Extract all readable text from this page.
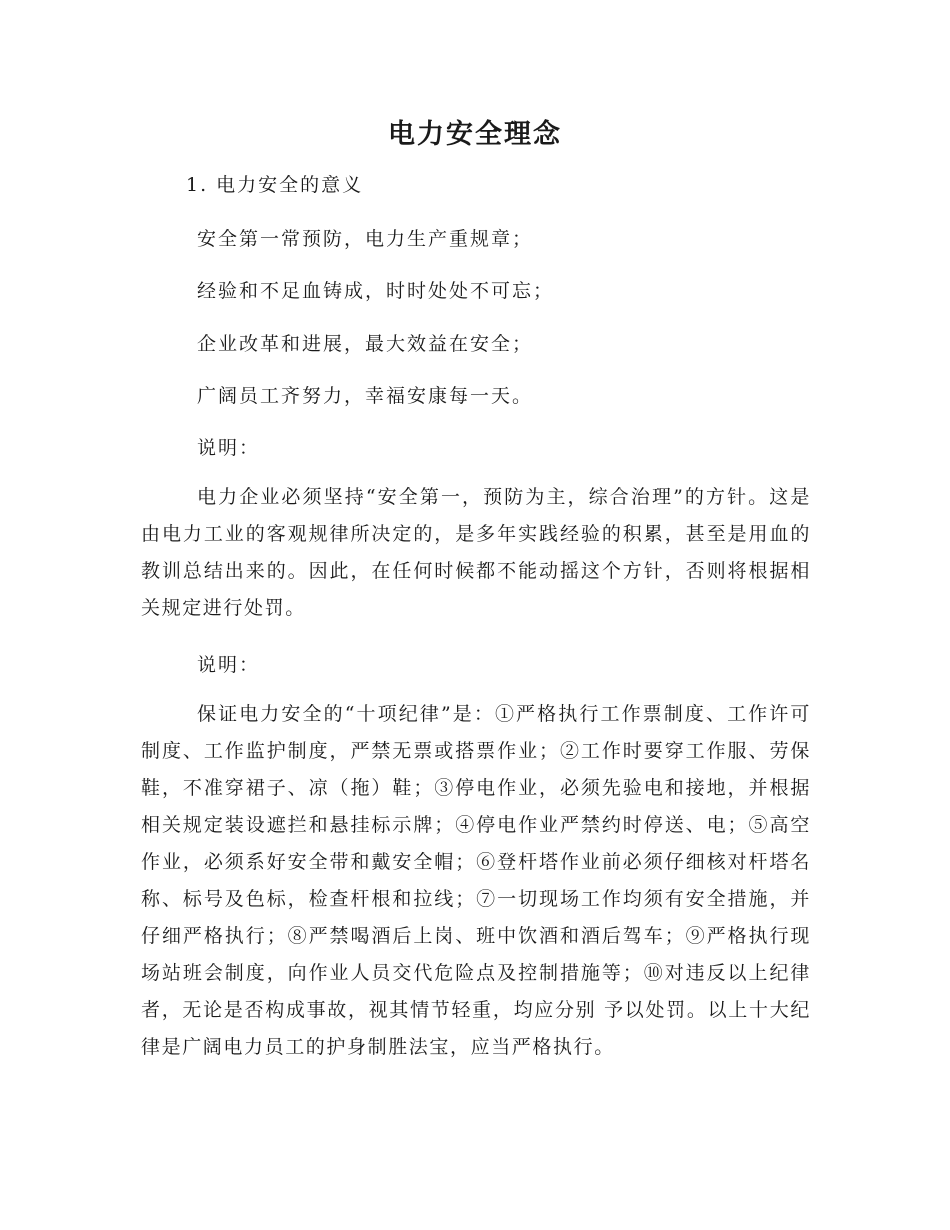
电力安全理念
1. 电力安全的意义
安全第一常预防，电力生产重规章；
经验和不足血铸成，时时处处不可忘；
企业改革和进展，最大效益在安全；
广阔员工齐努力，幸福安康每一天。
说明：
电力企业必须坚持“安全第一，预防为主，综合治理”的方针。这是由电力工业的客观规律所决定的，是多年实践经验的积累，甚至是用血的教训总结出来的。因此，在任何时候都不能动摇这个方针，否则将根据相关规定进行处罚。
说明：
保证电力安全的“十项纪律”是：①严格执行工作票制度、工作许可制度、工作监护制度，严禁无票或搭票作业；②工作时要穿工作服、劳保鞋，不准穿裙子、凉（拖）鞋；③停电作业，必须先验电和接地，并根据相关规定装设遮拦和悬挂标示牌；④停电作业严禁约时停送、电；⑤高空作业，必须系好安全带和戴安全帽；⑥登杆塔作业前必须仔细核对杆塔名称、标号及色标，检查杆根和拉线；⑦一切现场工作均须有安全措施，并仔细严格执行；⑧严禁喝酒后上岗、班中饮酒和酒后驾车；⑨严格执行现场站班会制度，向作业人员交代危险点及控制措施等；⑩对违反以上纪律者，无论是否构成事故，视其情节轻重，均应分别 予以处罚。以上十大纪律是广阔电力员工的护身制胜法宝，应当严格执行。
